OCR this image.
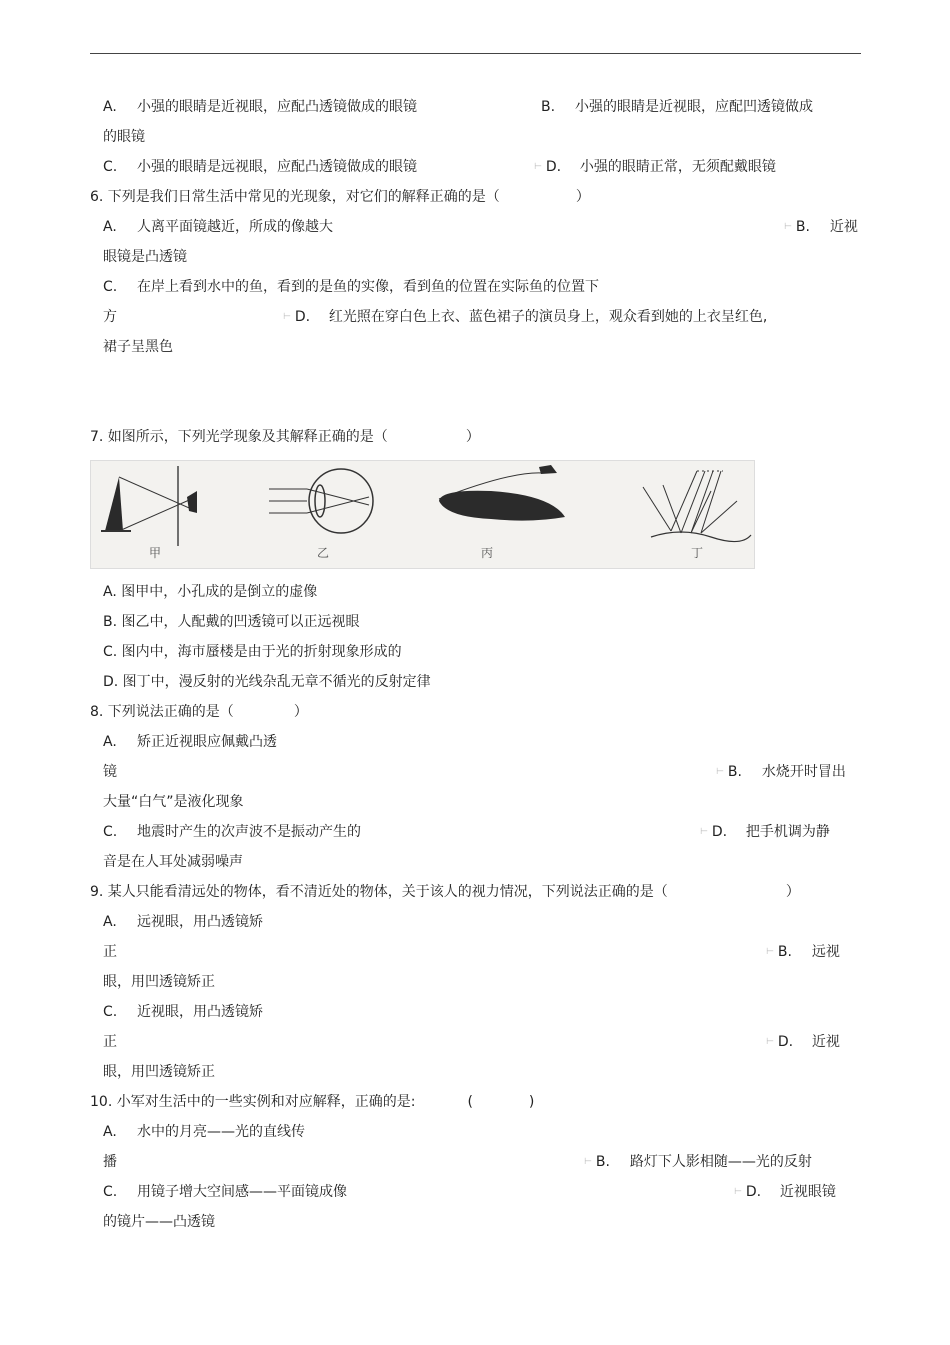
A. 小强的眼睛是近视眼，应配凸透镜做成的眼镜	B. 小强的眼睛是近视眼，应配凹透镜做成
的眼镜
C. 小强的眼睛是远视眼，应配凸透镜做成的眼镜	⊢ D. 小强的眼睛正常，无须配戴眼镜
6. 下列是我们日常生活中常见的光现象，对它们的解释正确的是（	）
A. 人离平面镜越近，所成的像越大	⊢ B. 近视
眼镜是凸透镜
C. 在岸上看到水中的鱼，看到的是鱼的实像，看到鱼的位置在实际鱼的位置下
方	⊢ D. 红光照在穿白色上衣、蓝色裙子的演员身上，观众看到她的上衣呈红色,
裙子呈黑色
7. 如图所示，下列光学现象及其解释正确的是（	）
甲	乙	丙	丁
A. 图甲中，小孔成的是倒立的虚像
B. 图乙中，人配戴的凹透镜可以正远视眼
C. 图内中，海市蜃楼是由于光的折射现象形成的
D. 图丁中，漫反射的光线杂乱无章不循光的反射定律
8. 下列说法正确的是（	）
A. 矫正近视眼应佩戴凸透
镜	⊢ B. 水烧开时冒出
大量“白气”是液化现象
C. 地震时产生的次声波不是振动产生的	⊢ D. 把手机调为静
音是在人耳处减弱噪声
9. 某人只能看清远处的物体，看不清近处的物体，关于该人的视力情况，下列说法正确的是（	）
A. 远视眼，用凸透镜矫
正	⊢ B. 远视
眼，用凹透镜矫正
C. 近视眼，用凸透镜矫
正	⊢ D. 近视
眼，用凹透镜矫正
10. 小军对生活中的一些实例和对应解释，正确的是:	(	)
A. 水中的月亮——光的直线传
播	⊢ B. 路灯下人影相随——光的反射
C. 用镜子增大空间感——平面镜成像	⊢ D. 近视眼镜
的镜片——凸透镜
